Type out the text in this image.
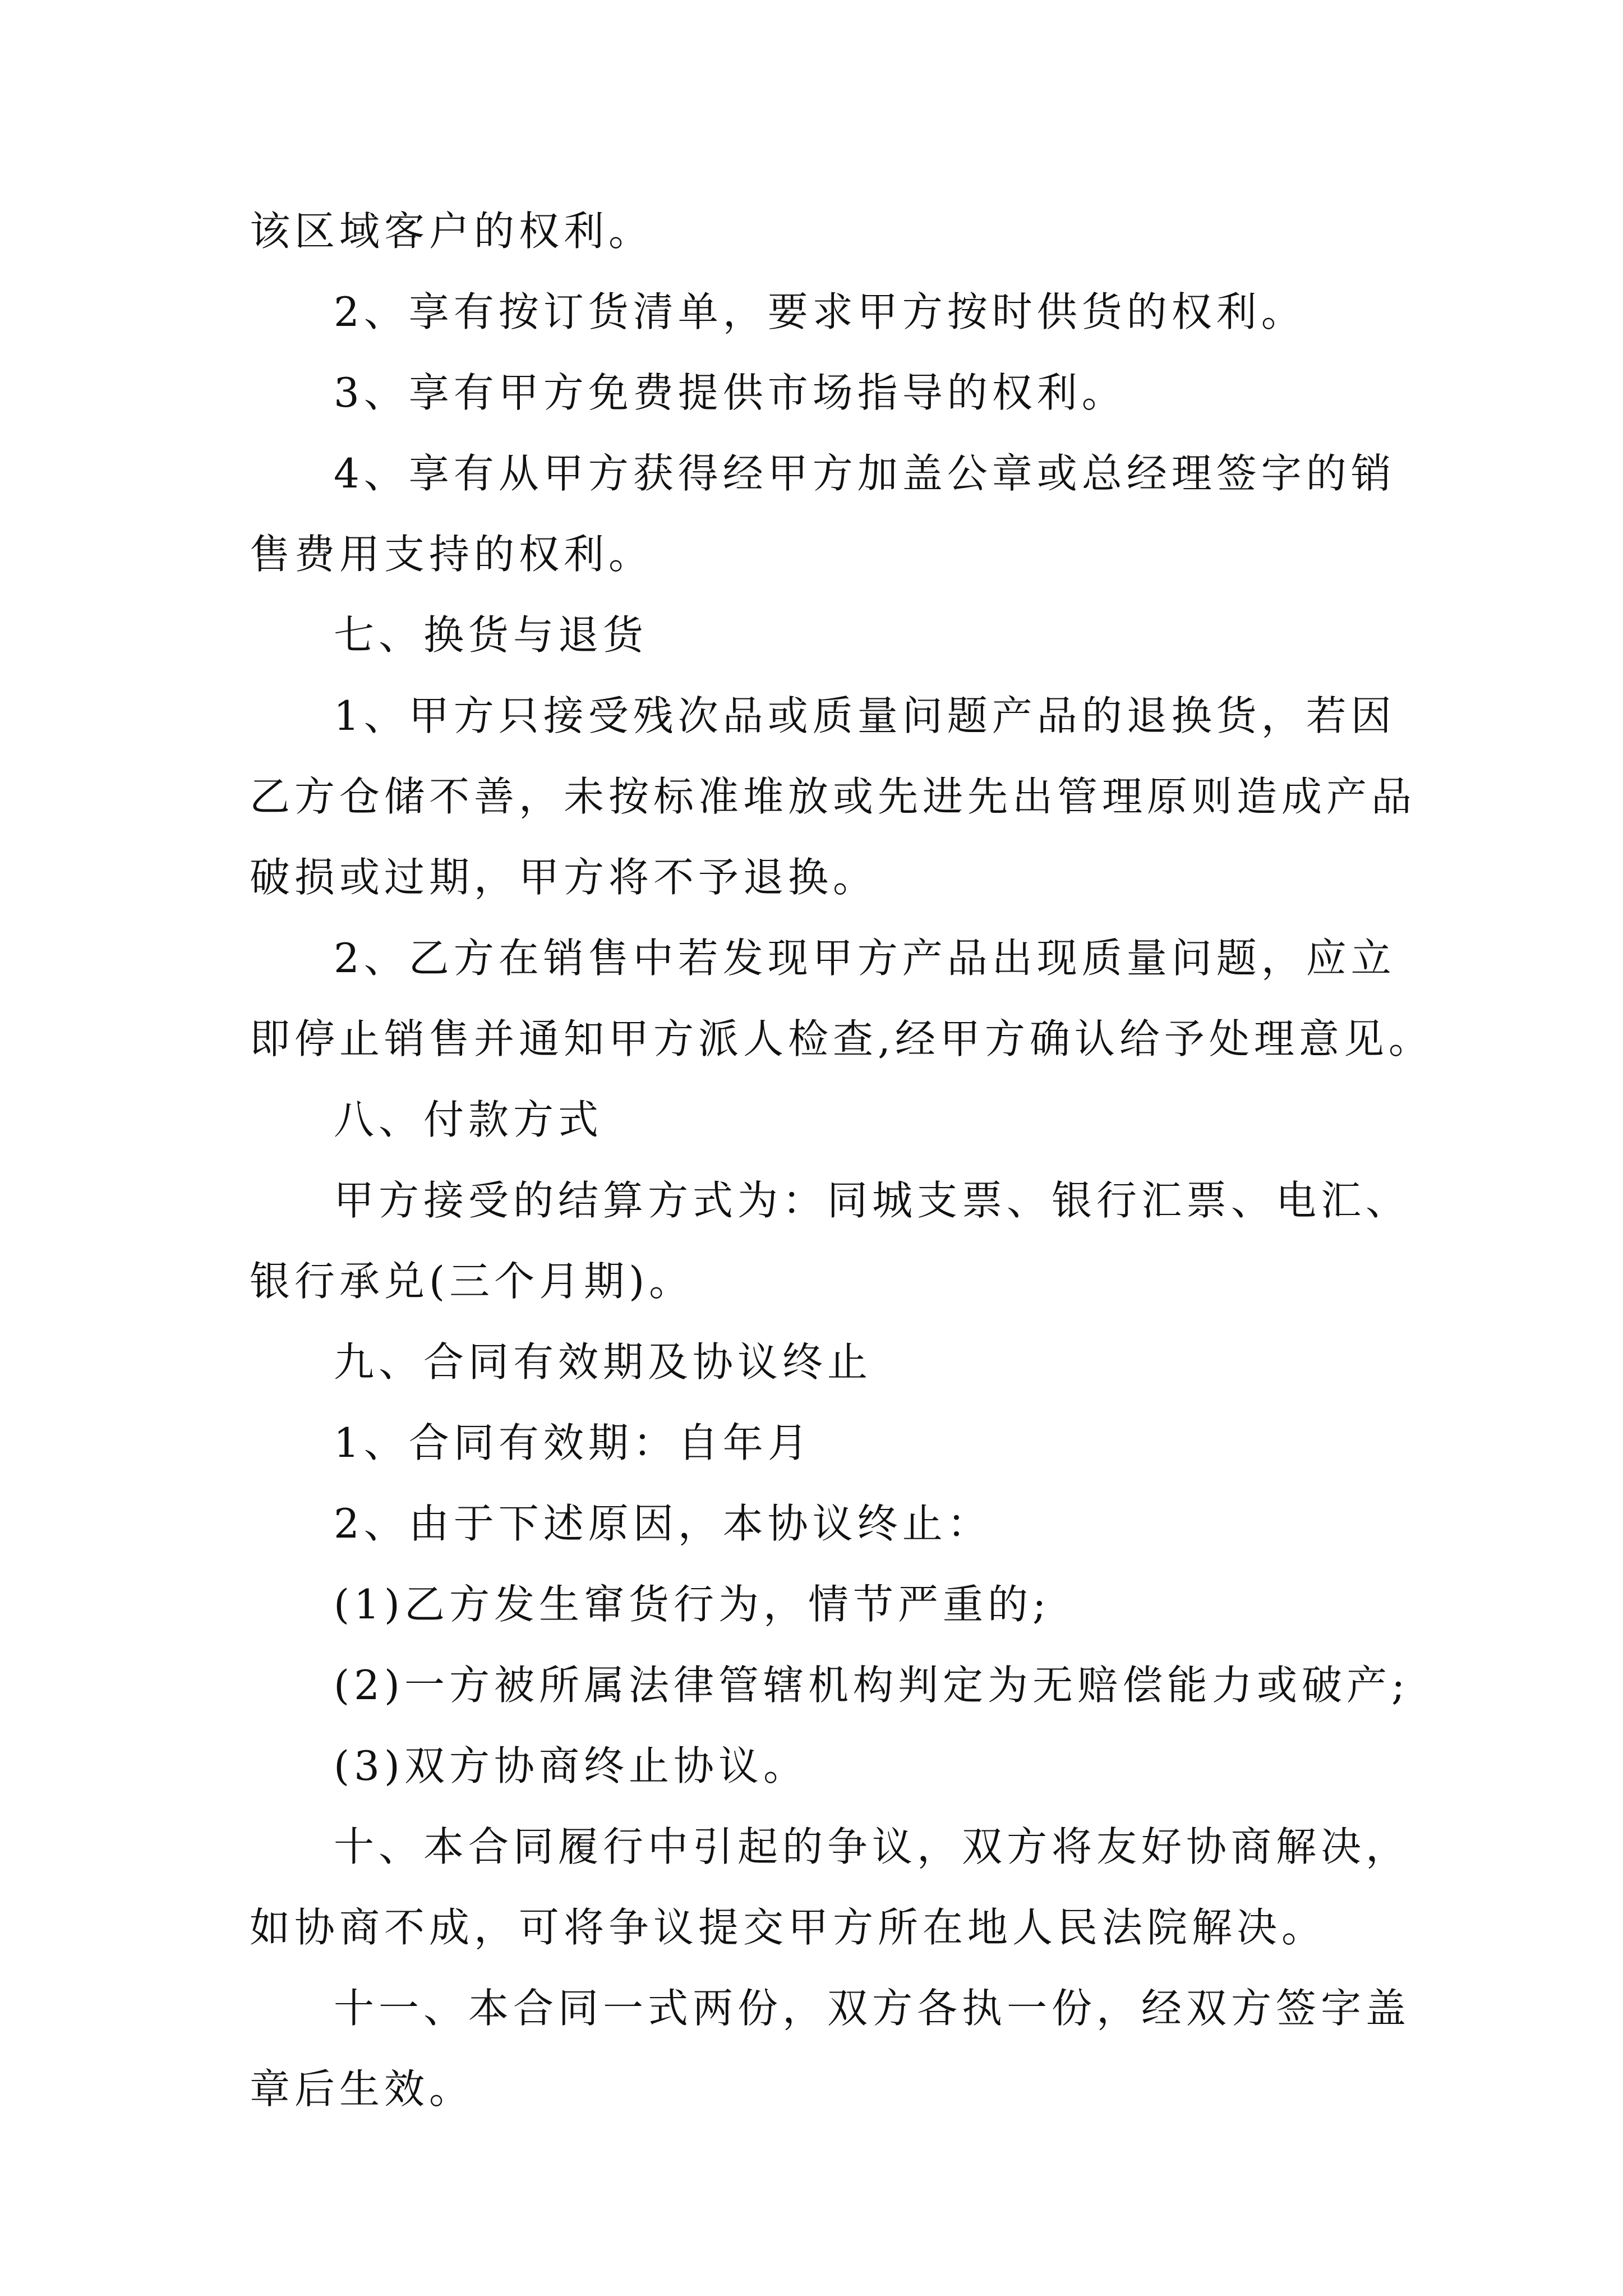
该区域客户的权利。

2、享有按订货清单，要求甲方按时供货的权利。

3、享有甲方免费提供市场指导的权利。

4、享有从甲方获得经甲方加盖公章或总经理签字的销

售费用支持的权利。

七、换货与退货

1、甲方只接受残次品或质量问题产品的退换货，若因

乙方仓储不善，未按标准堆放或先进先出管理原则造成产品

破损或过期，甲方将不予退换。

2、乙方在销售中若发现甲方产品出现质量问题，应立

即停止销售并通知甲方派人检查,经甲方确认给予处理意见。

八、付款方式

甲方接受的结算方式为：同城支票、银行汇票、电汇、

银行承兑(三个月期)。

九、合同有效期及协议终止

1、合同有效期：自年月

2、由于下述原因，本协议终止：

(1)乙方发生窜货行为，情节严重的;

(2)一方被所属法律管辖机构判定为无赔偿能力或破产;

(3)双方协商终止协议。

十、本合同履行中引起的争议，双方将友好协商解决，

如协商不成，可将争议提交甲方所在地人民法院解决。

十一、本合同一式两份，双方各执一份，经双方签字盖

章后生效。
